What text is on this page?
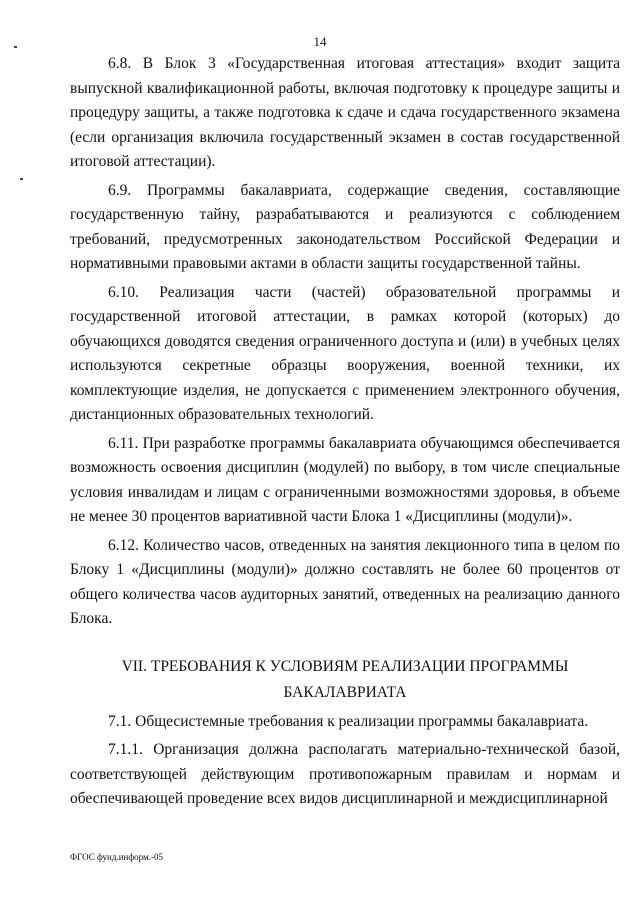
14

6.8. В Блок 3 «Государственная итоговая аттестация» входит защита выпускной квалификационной работы, включая подготовку к процедуре защиты и процедуру защиты, а также подготовка к сдаче и сдача государственного экзамена (если организация включила государственный экзамен в состав государственной итоговой аттестации).

6.9. Программы бакалавриата, содержащие сведения, составляющие государственную тайну, разрабатываются и реализуются с соблюдением требований, предусмотренных законодательством Российской Федерации и нормативными правовыми актами в области защиты государственной тайны.

6.10. Реализация части (частей) образовательной программы и государственной итоговой аттестации, в рамках которой (которых) до обучающихся доводятся сведения ограниченного доступа и (или) в учебных целях используются секретные образцы вооружения, военной техники, их комплектующие изделия, не допускается с применением электронного обучения, дистанционных образовательных технологий.

6.11. При разработке программы бакалавриата обучающимся обеспечивается возможность освоения дисциплин (модулей) по выбору, в том числе специальные условия инвалидам и лицам с ограниченными возможностями здоровья, в объеме не менее 30 процентов вариативной части Блока 1 «Дисциплины (модули)».

6.12. Количество часов, отведенных на занятия лекционного типа в целом по Блоку 1 «Дисциплины (модули)» должно составлять не более 60 процентов от общего количества часов аудиторных занятий, отведенных на реализацию данного Блока.

VII. ТРЕБОВАНИЯ К УСЛОВИЯМ РЕАЛИЗАЦИИ ПРОГРАММЫ
БАКАЛАВРИАТА

7.1. Общесистемные требования к реализации программы бакалавриата.

7.1.1. Организация должна располагать материально-технической базой, соответствующей действующим противопожарным правилам и нормам и обеспечивающей проведение всех видов дисциплинарной и междисциплинарной

ФГОС фунд.информ.-05
